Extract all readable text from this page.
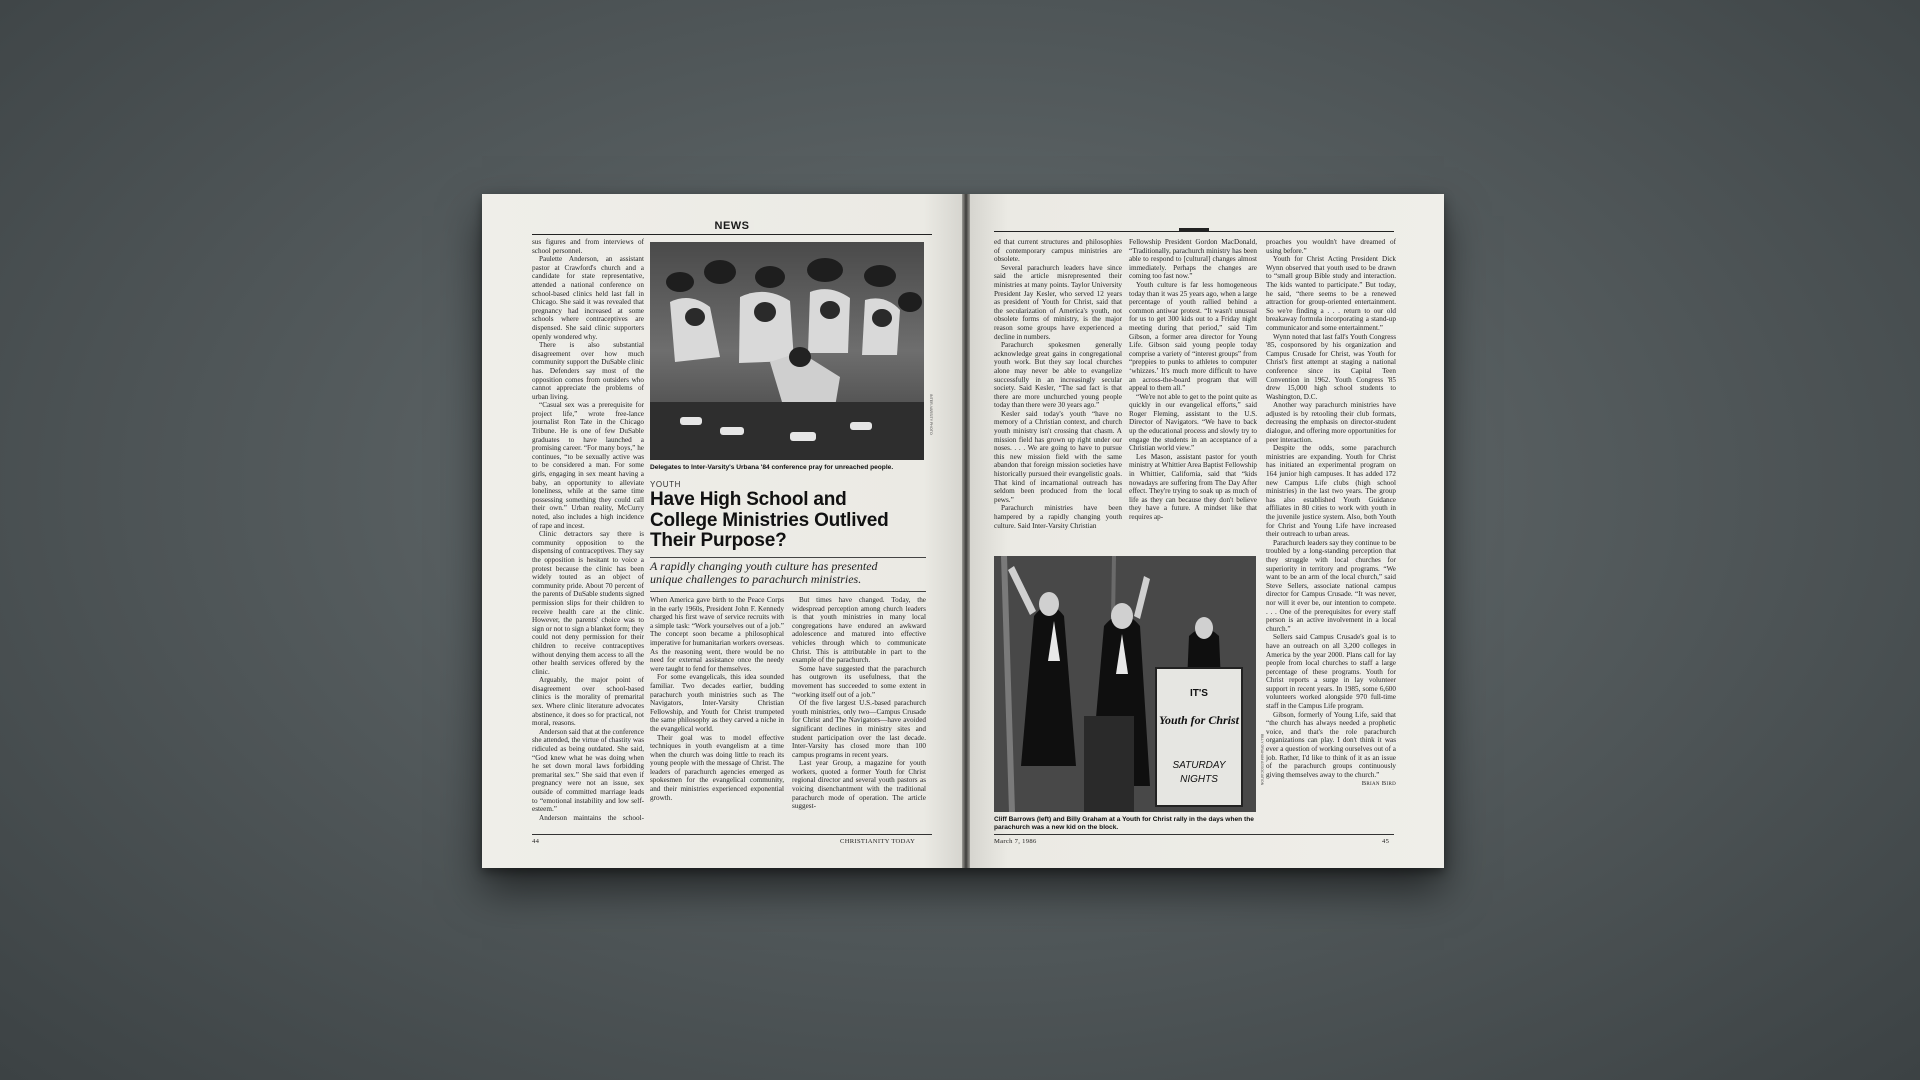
NEWS

sus figures and from interviews of school personnel.

Paulette Anderson, an assistant pastor at Crawford's church and a candidate for state representative, attended a national conference on school-based clinics held last fall in Chicago. She said it was revealed that pregnancy had increased at some schools where contraceptives are dispensed. She said clinic supporters openly wondered why.

There is also substantial disagreement over how much community support the DuSable clinic has. Defenders say most of the opposition comes from outsiders who cannot appreciate the problems of urban living.

“Casual sex was a prerequisite for project life,” wrote free-lance journalist Ron Tate in the Chicago Tribune. He is one of few DuSable graduates to have launched a promising career. “For many boys,” he continues, “to be sexually active was to be considered a man. For some girls, engaging in sex meant having a baby, an opportunity to alleviate loneliness, while at the same time possessing something they could call their own.” Urban reality, McCurry noted, also includes a high incidence of rape and incest.

Clinic detractors say there is community opposition to the dispensing of contraceptives. They say the opposition is hesitant to voice a protest because the clinic has been widely touted as an object of community pride. About 70 percent of the parents of DuSable students signed permission slips for their children to receive health care at the clinic. However, the parents' choice was to sign or not to sign a blanket form; they could not deny permission for their children to receive contraceptives without denying them access to all the other health services offered by the clinic.

Arguably, the major point of disagreement over school-based clinics is the morality of premarital sex. Where clinic literature advocates abstinence, it does so for practical, not moral, reasons.

Anderson said that at the conference she attended, the virtue of chastity was ridiculed as being outdated. She said, “God knew what he was doing when he set down moral laws forbidding premarital sex.” She said that even if pregnancy were not an issue, sex outside of committed marriage leads to “emotional instability and low self-esteem.”

Anderson maintains the school-

Delegates to Inter-Varsity's Urbana '84 conference pray for unreached people.
INTER-VARSITY PHOTO
YOUTH
Have High School and College Ministries Outlived Their Purpose?
A rapidly changing youth culture has presented unique challenges to parachurch ministries.

When America gave birth to the Peace Corps in the early 1960s, President John F. Kennedy charged his first wave of service recruits with a simple task: “Work yourselves out of a job.” The concept soon became a philosophical imperative for humanitarian workers overseas. As the reasoning went, there would be no need for external assistance once the needy were taught to fend for themselves.

For some evangelicals, this idea sounded familiar. Two decades earlier, budding parachurch youth ministries such as The Navigators, Inter-Varsity Christian Fellowship, and Youth for Christ trumpeted the same philosophy as they carved a niche in the evangelical world.

Their goal was to model effective techniques in youth evangelism at a time when the church was doing little to reach its young people with the message of Christ. The leaders of parachurch agencies emerged as spokesmen for the evangelical community, and their ministries experienced exponential growth.

But times have changed. Today, the widespread perception among church leaders is that youth ministries in many local congregations have endured an awkward adolescence and matured into effective vehicles through which to communicate Christ. This is attributable in part to the example of the parachurch.

Some have suggested that the parachurch has outgrown its usefulness, that the movement has succeeded to some extent in “working itself out of a job.”

Of the five largest U.S.-based parachurch youth ministries, only two—Campus Crusade for Christ and The Navigators—have avoided significant declines in ministry sites and student participation over the last decade. Inter-Varsity has closed more than 100 campus programs in recent years.

Last year Group, a magazine for youth workers, quoted a former Youth for Christ regional director and several youth pastors as voicing disenchantment with the traditional parachurch mode of operation. The article suggest-

44	CHRISTIANITY TODAY

ed that current structures and philosophies of contemporary campus ministries are obsolete.

Several parachurch leaders have since said the article misrepresented their ministries at many points. Taylor University President Jay Kesler, who served 12 years as president of Youth for Christ, said that the secularization of America's youth, not obsolete forms of ministry, is the major reason some groups have experienced a decline in numbers.

Parachurch spokesmen generally acknowledge great gains in congregational youth work. But they say local churches alone may never be able to evangelize successfully in an increasingly secular society. Said Kesler, “The sad fact is that there are more unchurched young people today than there were 30 years ago.”

Kesler said today's youth “have no memory of a Christian context, and church youth ministry isn't crossing that chasm. A mission field has grown up right under our noses. . . . We are going to have to pursue this new mission field with the same abandon that foreign mission societies have historically pursued their evangelistic goals. That kind of incarnational outreach has seldom been produced from the local pews.”

Parachurch ministries have been hampered by a rapidly changing youth culture. Said Inter-Varsity Christian

Fellowship President Gordon MacDonald, “Traditionally, parachurch ministry has been able to respond to [cultural] changes almost immediately. Perhaps the changes are coming too fast now.”

Youth culture is far less homogeneous today than it was 25 years ago, when a large percentage of youth rallied behind a common antiwar protest. “It wasn't unusual for us to get 300 kids out to a Friday night meeting during that period,” said Tim Gibson, a former area director for Young Life. Gibson said young people today comprise a variety of “interest groups” from “preppies to punks to athletes to computer ‘whizzes.’ It's much more difficult to have an across-the-board program that will appeal to them all.”

“We're not able to get to the point quite as quickly in our evangelical efforts,” said Roger Fleming, assistant to the U.S. Director of Navigators. “We have to back up the educational process and slowly try to engage the students in an acceptance of a Christian world view.”

Les Mason, assistant pastor for youth ministry at Whittier Area Baptist Fellowship in Whittier, California, said that “kids nowadays are suffering from The Day After effect. They're trying to soak up as much of life as they can because they don't believe they have a future. A mindset like that requires ap-

IT'S
Youth for Christ
SATURDAY
NIGHTS	BILLY GRAHAM ASSOCIATION
Cliff Barrows (left) and Billy Graham at a Youth for Christ rally in the days when the parachurch was a new kid on the block.

proaches you wouldn't have dreamed of using before.”

Youth for Christ Acting President Dick Wynn observed that youth used to be drawn to “small group Bible study and interaction. The kids wanted to participate.” But today, he said, “there seems to be a renewed attraction for group-oriented entertainment. So we're finding a . . . return to our old breakaway formula incorporating a stand-up communicator and some entertainment.”

Wynn noted that last fall's Youth Congress '85, cosponsored by his organization and Campus Crusade for Christ, was Youth for Christ's first attempt at staging a national conference since its Capital Teen Convention in 1962. Youth Congress '85 drew 15,000 high school students to Washington, D.C.

Another way parachurch ministries have adjusted is by retooling their club formats, decreasing the emphasis on director-student dialogue, and offering more opportunities for peer interaction.

Despite the odds, some parachurch ministries are expanding. Youth for Christ has initiated an experimental program on 164 junior high campuses. It has added 172 new Campus Life clubs (high school ministries) in the last two years. The group has also established Youth Guidance affiliates in 80 cities to work with youth in the juvenile justice system. Also, both Youth for Christ and Young Life have increased their outreach to urban areas.

Parachurch leaders say they continue to be troubled by a long-standing perception that they struggle with local churches for superiority in territory and programs. “We want to be an arm of the local church,” said Steve Sellers, associate national campus director for Campus Crusade. “It was never, nor will it ever be, our intention to compete. . . . One of the prerequisites for every staff person is an active involvement in a local church.”

Sellers said Campus Crusade's goal is to have an outreach on all 3,200 colleges in America by the year 2000. Plans call for lay people from local churches to staff a large percentage of these programs. Youth for Christ reports a surge in lay volunteer support in recent years. In 1985, some 6,600 volunteers worked alongside 970 full-time staff in the Campus Life program.

Gibson, formerly of Young Life, said that “the church has always needed a prophetic voice, and that's the role parachurch organizations can play. I don't think it was ever a question of working ourselves out of a job. Rather, I'd like to think of it as an issue of the parachurch groups continuously giving themselves away to the church.”

Brian Bird
March 7, 1986	45
